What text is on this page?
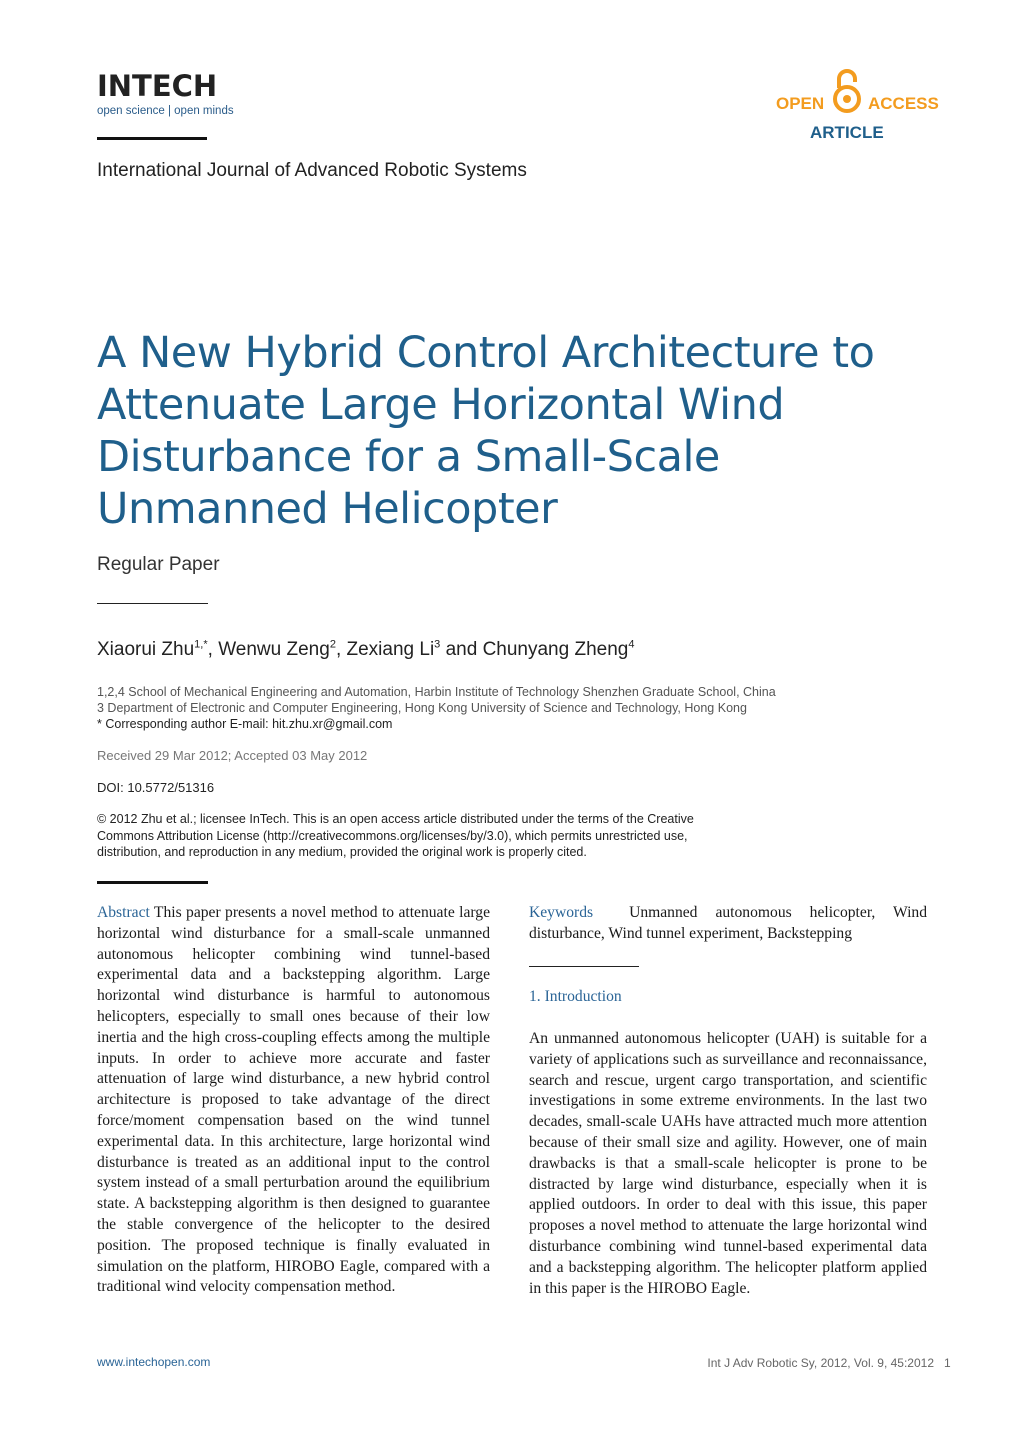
INTECH
open science | open minds	OPEN	ACCESS
ARTICLE
International Journal of Advanced Robotic Systems
A New Hybrid Control Architecture to Attenuate Large Horizontal Wind Disturbance for a Small-Scale Unmanned Helicopter
Regular Paper
Xiaorui Zhu$^{1,*}$, Wenwu Zeng$^2$, Zexiang Li$^3$ and Chunyang Zheng$^4$
1,2,4 School of Mechanical Engineering and Automation, Harbin Institute of Technology Shenzhen Graduate School, China
3 Department of Electronic and Computer Engineering, Hong Kong University of Science and Technology, Hong Kong
* Corresponding author E-mail: hit.zhu.xr@gmail.com
Received 29 Mar 2012; Accepted 03 May 2012
DOI: 10.5772/51316
© 2012 Zhu et al.; licensee InTech. This is an open access article distributed under the terms of the Creative Commons Attribution License (http://creativecommons.org/licenses/by/3.0), which permits unrestricted use, distribution, and reproduction in any medium, provided the original work is properly cited.
Abstract This paper presents a novel method to attenuate large horizontal wind disturbance for a small-scale unmanned autonomous helicopter combining wind tunnel-based experimental data and a backstepping algorithm. Large horizontal wind disturbance is harmful to autonomous helicopters, especially to small ones because of their low inertia and the high cross-coupling effects among the multiple inputs. In order to achieve more accurate and faster attenuation of large wind disturbance, a new hybrid control architecture is proposed to take advantage of the direct force/moment compensation based on the wind tunnel experimental data. In this architecture, large horizontal wind disturbance is treated as an additional input to the control system instead of a small perturbation around the equilibrium state. A backstepping algorithm is then designed to guarantee the stable convergence of the helicopter to the desired position. The proposed technique is finally evaluated in simulation on the platform, HIROBO Eagle, compared with a traditional wind velocity compensation method.
Keywords Unmanned autonomous helicopter, Wind disturbance, Wind tunnel experiment, Backstepping
1. Introduction
An unmanned autonomous helicopter (UAH) is suitable for a variety of applications such as surveillance and reconnaissance, search and rescue, urgent cargo transportation, and scientific investigations in some extreme environments. In the last two decades, small-scale UAHs have attracted much more attention because of their small size and agility. However, one of main drawbacks is that a small-scale helicopter is prone to be distracted by large wind disturbance, especially when it is applied outdoors. In order to deal with this issue, this paper proposes a novel method to attenuate the large horizontal wind disturbance combining wind tunnel-based experimental data and a backstepping algorithm. The helicopter platform applied in this paper is the HIROBO Eagle.
www.intechopen.com	Int J Adv Robotic Sy, 2012, Vol. 9, 45:2012 1
